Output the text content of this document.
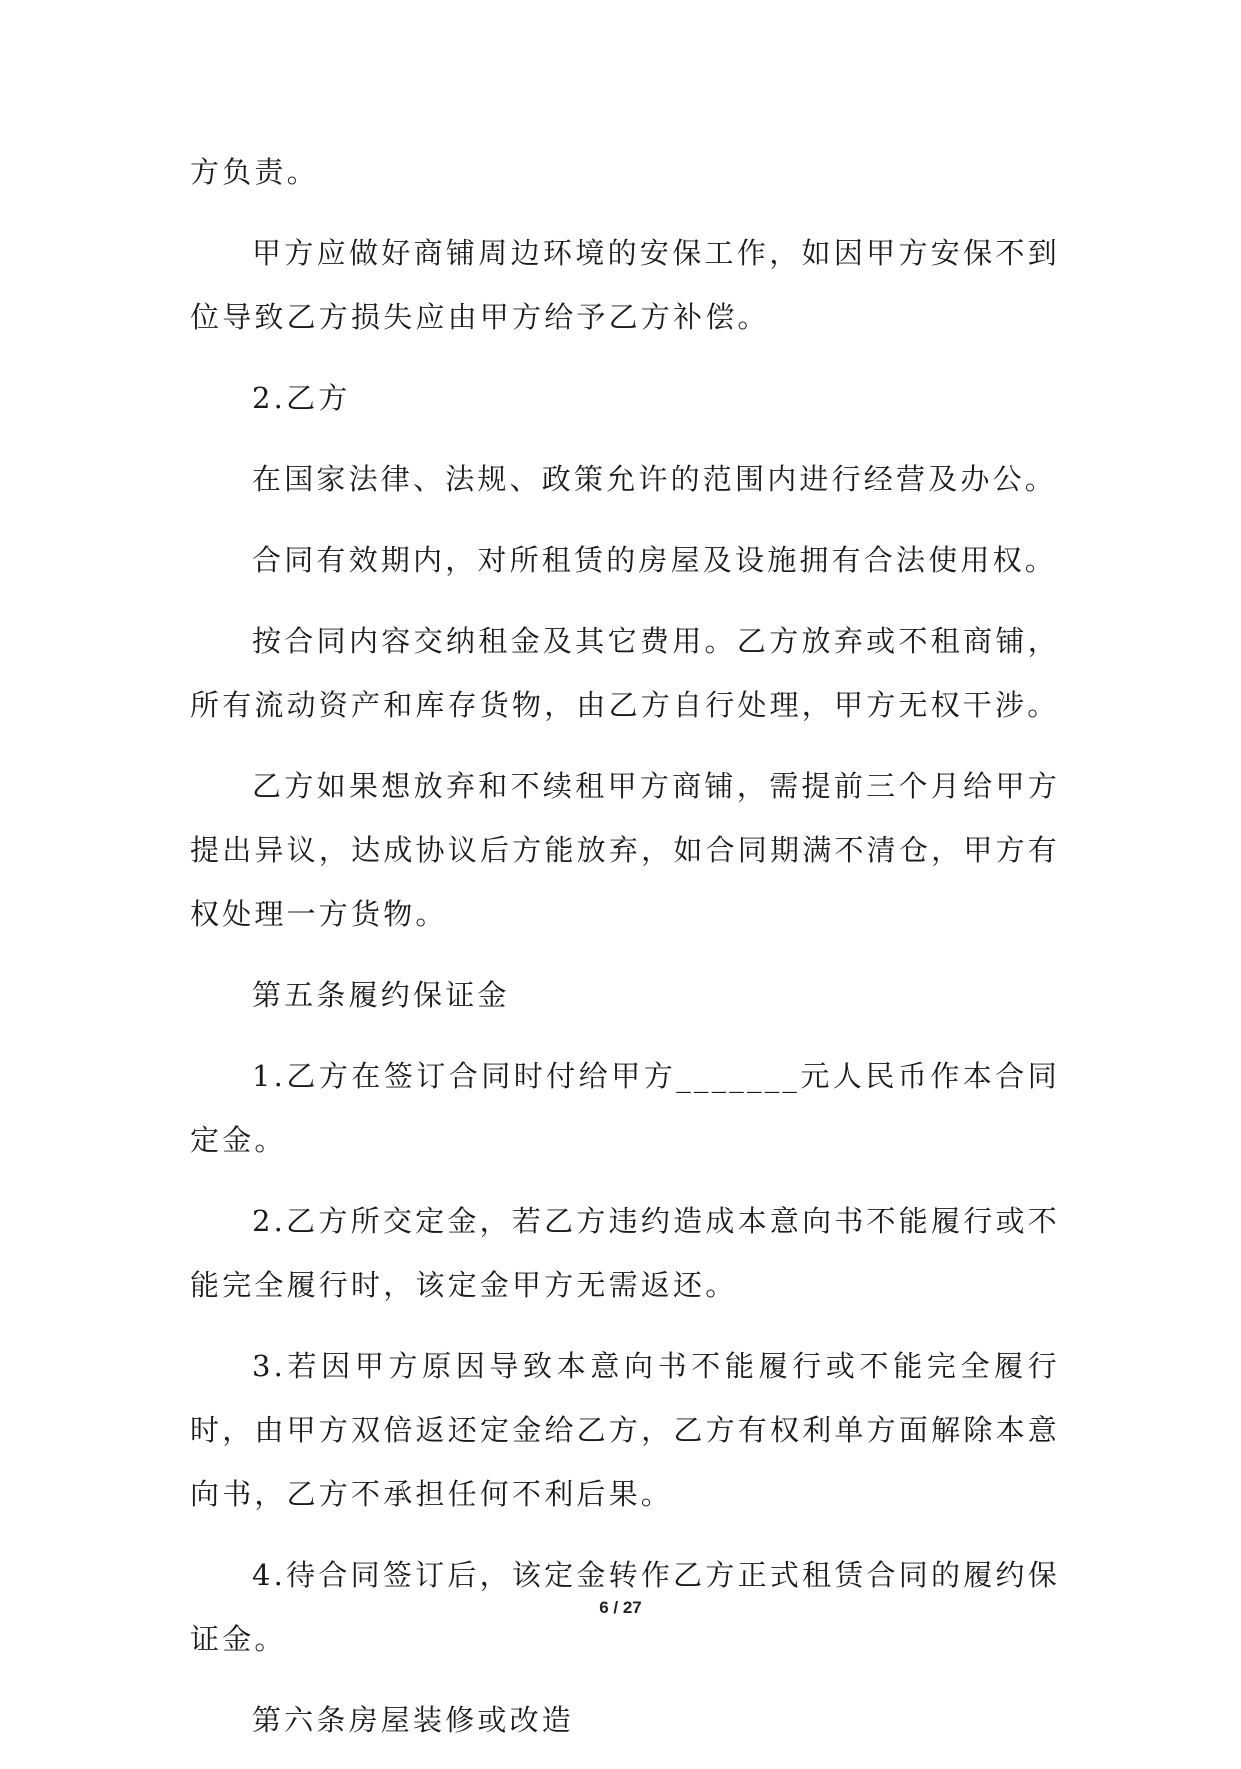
方负责。

甲方应做好商铺周边环境的安保工作，如因甲方安保不到位导致乙方损失应由甲方给予乙方补偿。

2.乙方

在国家法律、法规、政策允许的范围内进行经营及办公。

合同有效期内，对所租赁的房屋及设施拥有合法使用权。

按合同内容交纳租金及其它费用。乙方放弃或不租商铺，所有流动资产和库存货物，由乙方自行处理，甲方无权干涉。

乙方如果想放弃和不续租甲方商铺，需提前三个月给甲方提出异议，达成协议后方能放弃，如合同期满不清仓，甲方有权处理一方货物。

第五条履约保证金

1.乙方在签订合同时付给甲方_______元人民币作本合同定金。

2.乙方所交定金，若乙方违约造成本意向书不能履行或不能完全履行时，该定金甲方无需返还。

3.若因甲方原因导致本意向书不能履行或不能完全履行时，由甲方双倍返还定金给乙方，乙方有权利单方面解除本意向书，乙方不承担任何不利后果。

4.待合同签订后，该定金转作乙方正式租赁合同的履约保证金。

第六条房屋装修或改造

6 / 27
